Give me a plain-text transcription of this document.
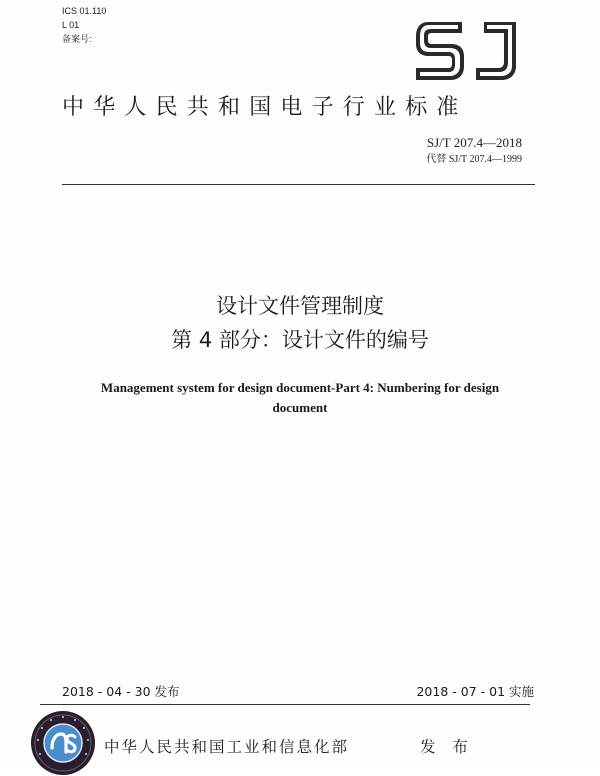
ICS 01.110
L 01
备案号:
中华人民共和国电子行业标准
SJ/T 207.4—2018
代替 SJ/T 207.4—1999
设计文件管理制度
第 4 部分：设计文件的编号
Management system for design document-Part 4: Numbering for design
document
2018 - 04 - 30 发布	2018 - 07 - 01 实施
中华人民共和国工业和信息化部	发 布
